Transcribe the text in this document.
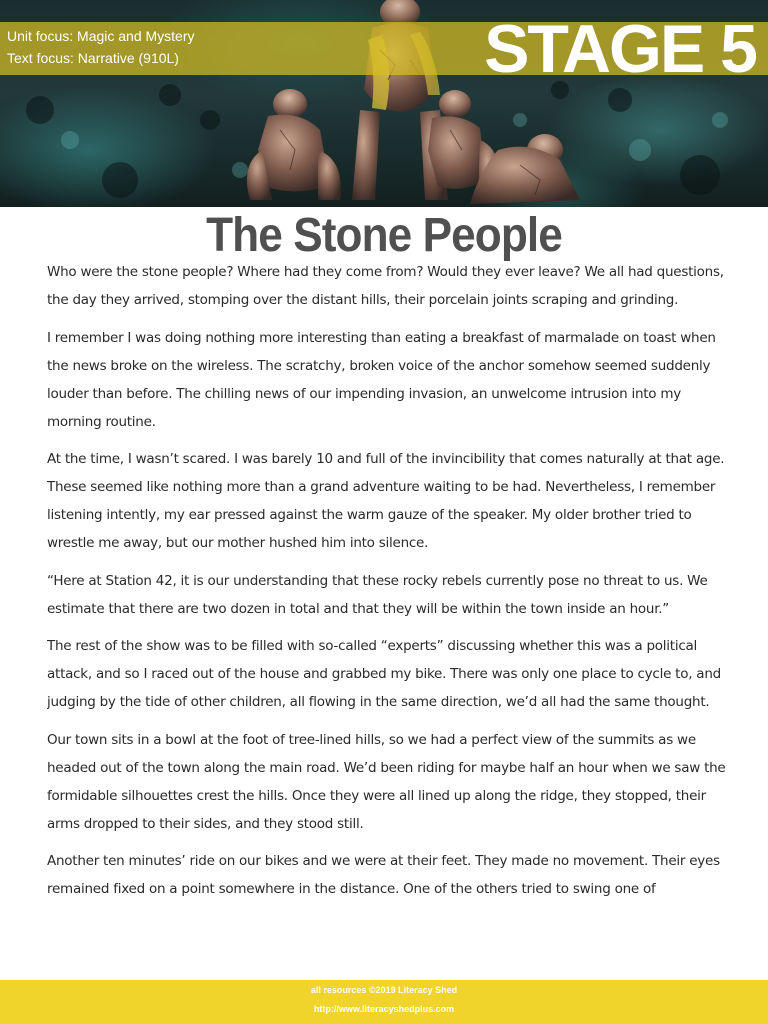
Unit focus: Magic and Mystery
Text focus: Narrative (910L)	STAGE 5
The Stone People

Who were the stone people? Where had they come from? Would they ever leave? We all had questions, the day they arrived, stomping over the distant hills, their porcelain joints scraping and grinding.

I remember I was doing nothing more interesting than eating a breakfast of marmalade on toast when the news broke on the wireless. The scratchy, broken voice of the anchor somehow seemed suddenly louder than before. The chilling news of our impending invasion, an unwelcome intrusion into my morning routine.

At the time, I wasn’t scared. I was barely 10 and full of the invincibility that comes naturally at that age. These seemed like nothing more than a grand adventure waiting to be had. Nevertheless, I remember listening intently, my ear pressed against the warm gauze of the speaker. My older brother tried to wrestle me away, but our mother hushed him into silence.

“Here at Station 42, it is our understanding that these rocky rebels currently pose no threat to us. We estimate that there are two dozen in total and that they will be within the town inside an hour.”

The rest of the show was to be filled with so-called “experts” discussing whether this was a political attack, and so I raced out of the house and grabbed my bike. There was only one place to cycle to, and judging by the tide of other children, all flowing in the same direction, we’d all had the same thought.

Our town sits in a bowl at the foot of tree-lined hills, so we had a perfect view of the summits as we headed out of the town along the main road. We’d been riding for maybe half an hour when we saw the formidable silhouettes crest the hills. Once they were all lined up along the ridge, they stopped, their arms dropped to their sides, and they stood still.

Another ten minutes’ ride on our bikes and we were at their feet. They made no movement. Their eyes remained fixed on a point somewhere in the distance. One of the others tried to swing one of

all resources ©2019 Literacy Shed
http://www.literacyshedplus.com
